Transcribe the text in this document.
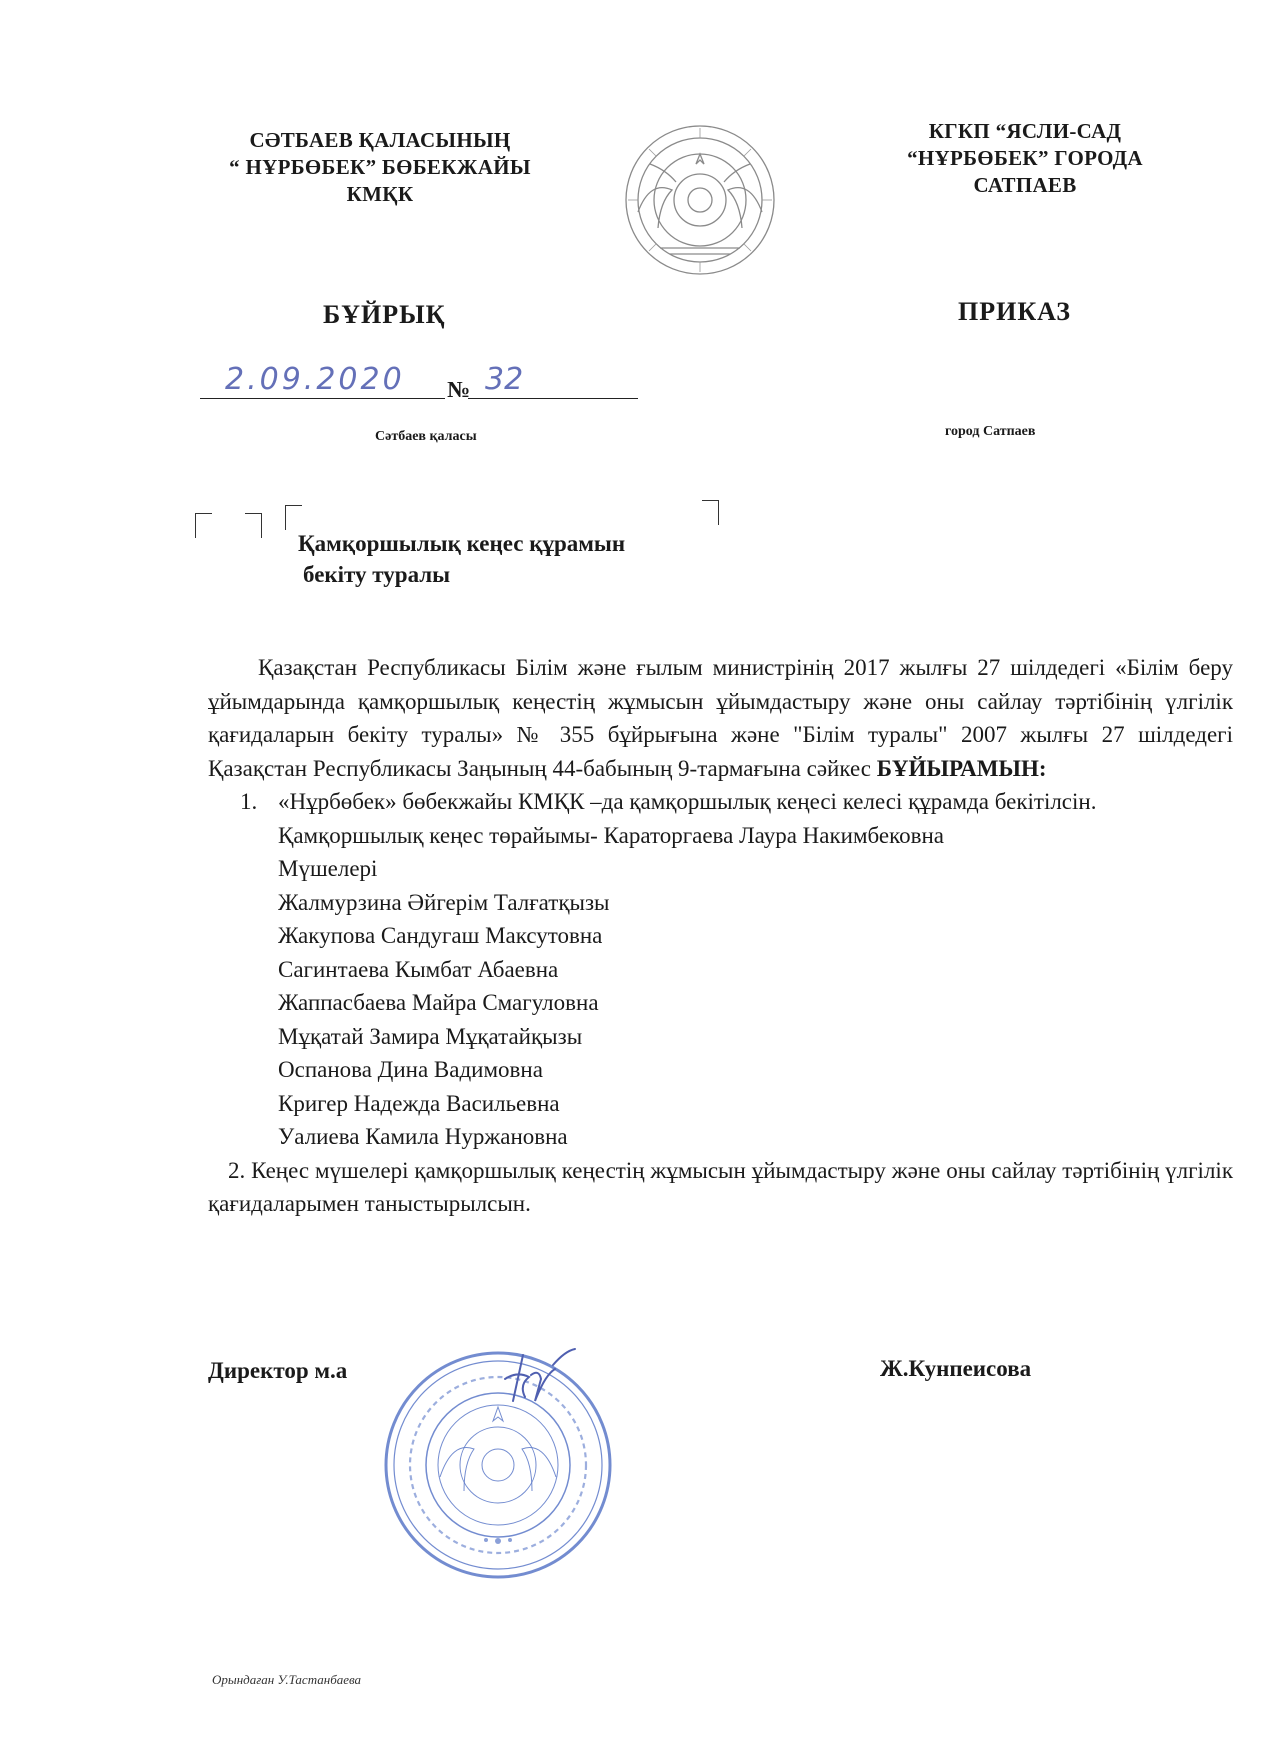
СӘТБАЕВ ҚАЛАСЫНЫҢ
“ НҰРБӨБЕК” БӨБЕКЖАЙЫ
КМҚК
КГКП “ЯСЛИ-САД
“НҰРБӨБЕК” ГОРОДА
САТПАЕВ
БҰЙРЫҚ	ПРИКАЗ
2.09.2020 № 32
Сәтбаев қаласы	город Сатпаев
Қамқоршылық кеңес құрамын
бекіту туралы

Қазақстан Республикасы Білім және ғылым министрінің 2017 жылғы 27 шілдедегі «Білім беру ұйымдарында қамқоршылық кеңестің жұмысын ұйымдастыру және оны сайлау тәртібінің үлгілік қағидаларын бекіту туралы» № 355 бұйрығына және "Білім туралы" 2007 жылғы 27 шілдедегі Қазақстан Республикасы Заңының 44-бабының 9-тармағына сәйкес БҰЙЫРАМЫН:

1. «Нұрбөбек» бөбекжайы КМҚК –да қамқоршылық кеңесі келесі құрамда бекітілсін.
Қамқоршылық кеңес төрайымы- Караторгаева Лаура Накимбековна
Мүшелері
Жалмурзина Әйгерім Талғатқызы
Жакупова Сандугаш Максутовна
Сагинтаева Кымбат Абаевна
Жаппасбаева Майра Смагуловна
Мұқатай Замира Мұқатайқызы
Оспанова Дина Вадимовна
Кригер Надежда Васильевна
Уалиева Камила Нуржановна

2. Кеңес мүшелері қамқоршылық кеңестің жұмысын ұйымдастыру және оны сайлау тәртібінің үлгілік қағидаларымен таныстырылсын.

Директор м.а	Ж.Кунпеисова
Орындаған У.Тастанбаева
